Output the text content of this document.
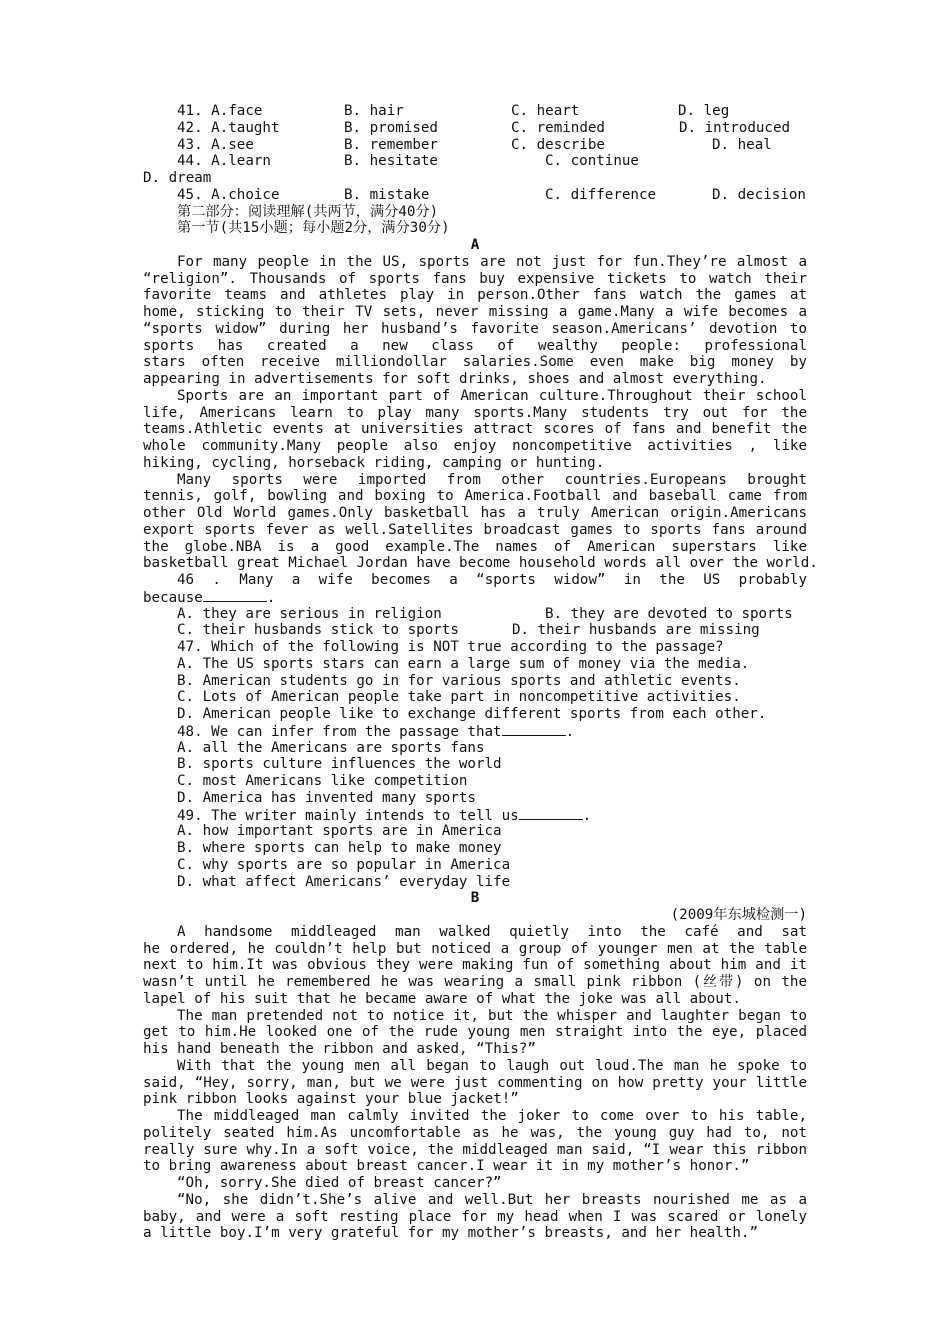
41. A.face	B. hair	C. heart	D. leg
42. A.taught	B. promised	C. reminded	D. introduced
43. A.see	B. remember	C. describe	D. heal
44. A.learn	B. hesitate	C. continue
D. dream
45. A.choice	B. mistake	C. difference	D. decision
第二部分：阅读理解(共两节，满分40分)
第一节(共15小题；每小题2分，满分30分)
A
For many people in the US, sports are not just for fun.They’re almost a
“religion”. Thousands of sports fans buy expensive tickets to watch their
favorite teams and athletes play in person.Other fans watch the games at
home, sticking to their TV sets, never missing a game.Many a wife becomes a
“sports widow” during her husband’s favorite season.Americans’ devotion to
sports has created a new class of wealthy people: professional
stars often receive milliondollar salaries.Some even make big money by
appearing in advertisements for soft drinks, shoes and almost everything.
Sports are an important part of American culture.Throughout their school
life, Americans learn to play many sports.Many students try out for the
teams.Athletic events at universities attract scores of fans and benefit the
whole community.Many people also enjoy noncompetitive activities , like
hiking, cycling, horseback riding, camping or hunting.
Many sports were imported from other countries.Europeans brought
tennis, golf, bowling and boxing to America.Football and baseball came from
other Old World games.Only basketball has a truly American origin.Americans
export sports fever as well.Satellites broadcast games to sports fans around
the globe.NBA is a good example.The names of American superstars like
basketball great Michael Jordan have become household words all over the world.
46 . Many a wife becomes a “sports widow” in the US probably
because	.
A. they are serious in religion	B. they are devoted to sports
C. their husbands stick to sports	D. their husbands are missing
47. Which of the following is NOT true according to the passage?
A. The US sports stars can earn a large sum of money via the media.
B. American students go in for various sports and athletic events.
C. Lots of American people take part in noncompetitive activities.
D. American people like to exchange different sports from each other.
48. We can infer from the passage that	.
A. all the Americans are sports fans
B. sports culture influences the world
C. most Americans like competition
D. America has invented many sports
49. The writer mainly intends to tell us	.
A. how important sports are in America
B. where sports can help to make money
C. why sports are so popular in America
D. what affect Americans’ everyday life
B
(2009年东城检测一)
A handsome middleaged man walked quietly into the café and sat
he ordered, he couldn’t help but noticed a group of younger men at the table
next to him.It was obvious they were making fun of something about him and it
wasn’t until he remembered he was wearing a small pink ribbon (丝带) on the
lapel of his suit that he became aware of what the joke was all about.
The man pretended not to notice it, but the whisper and laughter began to
get to him.He looked one of the rude young men straight into the eye, placed
his hand beneath the ribbon and asked, “This?”
With that the young men all began to laugh out loud.The man he spoke to
said, “Hey, sorry, man, but we were just commenting on how pretty your little
pink ribbon looks against your blue jacket!”
The middleaged man calmly invited the joker to come over to his table,
politely seated him.As uncomfortable as he was, the young guy had to, not
really sure why.In a soft voice, the middleaged man said, “I wear this ribbon
to bring awareness about breast cancer.I wear it in my mother’s honor.”
“Oh, sorry.She died of breast cancer?”
“No, she didn’t.She’s alive and well.But her breasts nourished me as a
baby, and were a soft resting place for my head when I was scared or lonely
a little boy.I’m very grateful for my mother’s breasts, and her health.”
